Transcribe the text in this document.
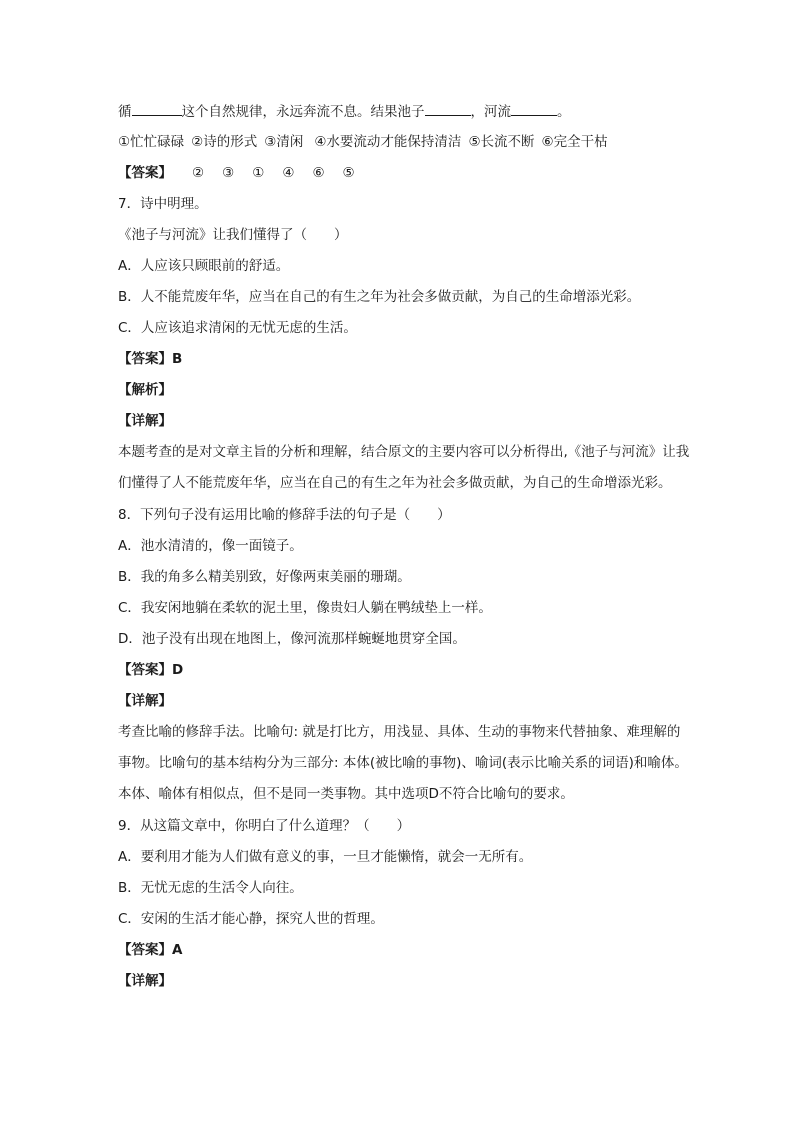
循	这个自然规律，永远奔流不息。结果池子	，河流	。
①忙忙碌碌 ②诗的形式 ③清闲 ④水要流动才能保持清洁 ⑤长流不断 ⑥完全干枯
【答案】 ② ③ ① ④ ⑥ ⑤
7．诗中明理。
《池子与河流》让我们懂得了（　　）
A．人应该只顾眼前的舒适。
B．人不能荒废年华，应当在自己的有生之年为社会多做贡献，为自己的生命增添光彩。
C．人应该追求清闲的无忧无虑的生活。
【答案】B
【解析】
【详解】
本题考查的是对文章主旨的分析和理解，结合原文的主要内容可以分析得出,《池子与河流》让我们懂得了人不能荒废年华，应当在自己的有生之年为社会多做贡献，为自己的生命增添光彩。
8．下列句子没有运用比喻的修辞手法的句子是（　　）
A．池水清清的，像一面镜子。
B．我的角多么精美别致，好像两束美丽的珊瑚。
C．我安闲地躺在柔软的泥土里，像贵妇人躺在鸭绒垫上一样。
D．池子没有出现在地图上，像河流那样蜿蜒地贯穿全国。
【答案】D
【详解】
考查比喻的修辞手法。比喻句: 就是打比方，用浅显、具体、生动的事物来代替抽象、难理解的事物。比喻句的基本结构分为三部分: 本体(被比喻的事物)、喻词(表示比喻关系的词语)和喻体。本体、喻体有相似点，但不是同一类事物。其中选项D不符合比喻句的要求。
9．从这篇文章中，你明白了什么道理？（　　）
A．要利用才能为人们做有意义的事，一旦才能懒惰，就会一无所有。
B．无忧无虑的生活令人向往。
C．安闲的生活才能心静，探究人世的哲理。
【答案】A
【详解】
